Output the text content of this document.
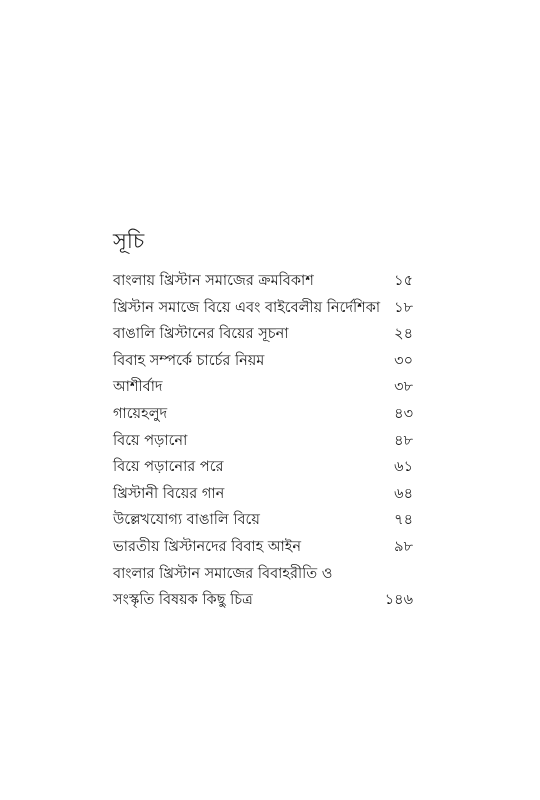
সূচি
বাংলায় খ্রিস্টান সমাজের ক্রমবিকাশ	১৫
খ্রিস্টান সমাজে বিয়ে এবং বাইবেলীয় নির্দেশিকা ১৮
বাঙালি খ্রিস্টানের বিয়ের সূচনা	২৪
বিবাহ সম্পর্কে চার্চের নিয়ম	৩০
আশীর্বাদ	৩৮
গায়েহলুদ	৪৩
বিয়ে পড়ানো	৪৮
বিয়ে পড়ানোর পরে	৬১
খ্রিস্টানী বিয়ের গান	৬৪
উল্লেখযোগ্য বাঙালি বিয়ে	৭৪
ভারতীয় খ্রিস্টানদের বিবাহ আইন	৯৮
বাংলার খ্রিস্টান সমাজের বিবাহরীতি ও
সংস্কৃতি বিষয়ক কিছু চিত্র	১৪৬
